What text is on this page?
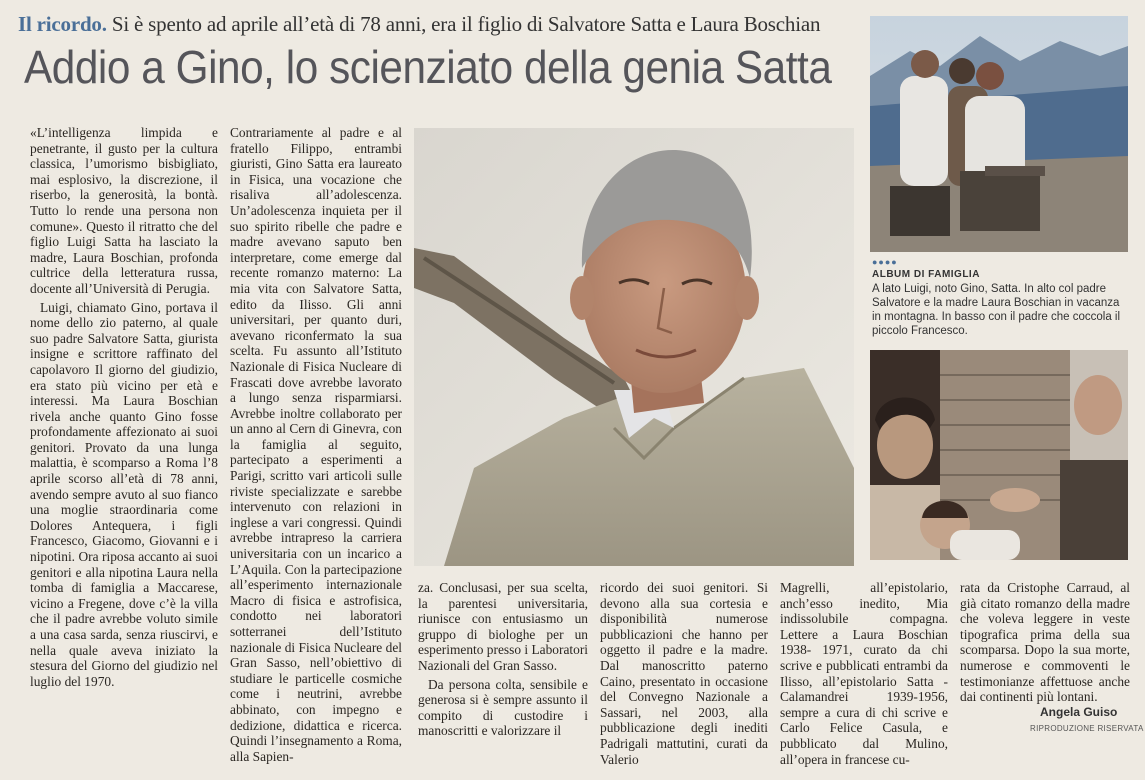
Il ricordo. Si è spento ad aprile all’età di 78 anni, era il figlio di Salvatore Satta e Laura Boschian
Addio a Gino, lo scienziato della genia Satta

«L’intelligenza limpida e penetrante, il gusto per la cultura classica, l’umorismo bisbigliato, mai esplosivo, la discrezione, il riserbo, la generosità, la bontà. Tutto lo rende una persona non comune». Questo il ritratto che del figlio Luigi Satta ha lasciato la madre, Laura Boschian, profonda cultrice della letteratura russa, docente all’Università di Perugia.

Luigi, chiamato Gino, portava il nome dello zio paterno, al quale suo padre Salvatore Satta, giurista insigne e scrittore raffinato del capolavoro Il giorno del giudizio, era stato più vicino per età e interessi. Ma Laura Boschian rivela anche quanto Gino fosse profondamente affezionato ai suoi genitori. Provato da una lunga malattia, è scomparso a Roma l’8 aprile scorso all’età di 78 anni, avendo sempre avuto al suo fianco una moglie straordinaria come Dolores Antequera, i figli Francesco, Giacomo, Giovanni e i nipotini. Ora riposa accanto ai suoi genitori e alla nipotina Laura nella tomba di famiglia a Maccarese, vicino a Fregene, dove c’è la villa che il padre avrebbe voluto simile a una casa sarda, senza riuscirvi, e nella quale aveva iniziato la stesura del Giorno del giudizio nel luglio del 1970.

Contrariamente al padre e al fratello Filippo, entrambi giuristi, Gino Satta era laureato in Fisica, una vocazione che risaliva all’adolescenza. Un’adolescenza inquieta per il suo spirito ribelle che padre e madre avevano saputo ben interpretare, come emerge dal recente romanzo materno: La mia vita con Salvatore Satta, edito da Ilisso. Gli anni universitari, per quanto duri, avevano riconfermato la sua scelta. Fu assunto all’Istituto Nazionale di Fisica Nucleare di Frascati dove avrebbe lavorato a lungo senza risparmiarsi. Avrebbe inoltre collaborato per un anno al Cern di Ginevra, con la famiglia al seguito, partecipato a esperimenti a Parigi, scritto vari articoli sulle riviste specializzate e sarebbe intervenuto con relazioni in inglese a vari congressi. Quindi avrebbe intrapreso la carriera universitaria con un incarico a L’Aquila. Con la partecipazione all’esperimento internazionale Macro di fisica e astrofisica, condotto nei laboratori sotterranei dell’Istituto nazionale di Fisica Nucleare del Gran Sasso, nell’obiettivo di studiare le particelle cosmiche come i neutrini, avrebbe abbinato, con impegno e dedizione, didattica e ricerca. Quindi l’insegnamento a Roma, alla Sapien-

●●●●
ALBUM DI FAMIGLIA
A lato Luigi, noto Gino, Satta. In alto col padre Salvatore e la madre Laura Boschian in vacanza in montagna. In basso con il padre che coccola il piccolo Francesco.

za. Conclusasi, per sua scelta, la parentesi universitaria, riunisce con entusiasmo un gruppo di biologhe per un esperimento presso i Laboratori Nazionali del Gran Sasso.

Da persona colta, sensibile e generosa si è sempre assunto il compito di custodire i manoscritti e valorizzare il

ricordo dei suoi genitori. Si devono alla sua cortesia e disponibilità numerose pubblicazioni che hanno per oggetto il padre e la madre. Dal manoscritto paterno Caino, presentato in occasione del Convegno Nazionale a Sassari, nel 2003, alla pubblicazione degli inediti Padrigali mattutini, curati da Valerio

Magrelli, all’epistolario, anch’esso inedito, Mia indissolubile compagna. Lettere a Laura Boschian 1938- 1971, curato da chi scrive e pubblicati entrambi da Ilisso, all’epistolario Satta - Calamandrei 1939-1956, sempre a cura di chi scrive e Carlo Felice Casula, e pubblicato dal Mulino, all’opera in francese cu-

rata da Cristophe Carraud, al già citato romanzo della madre che voleva leggere in veste tipografica prima della sua scomparsa. Dopo la sua morte, numerose e commoventi le testimonianze affettuose anche dai continenti più lontani.

Angela Guiso
RIPRODUZIONE RISERVATA
